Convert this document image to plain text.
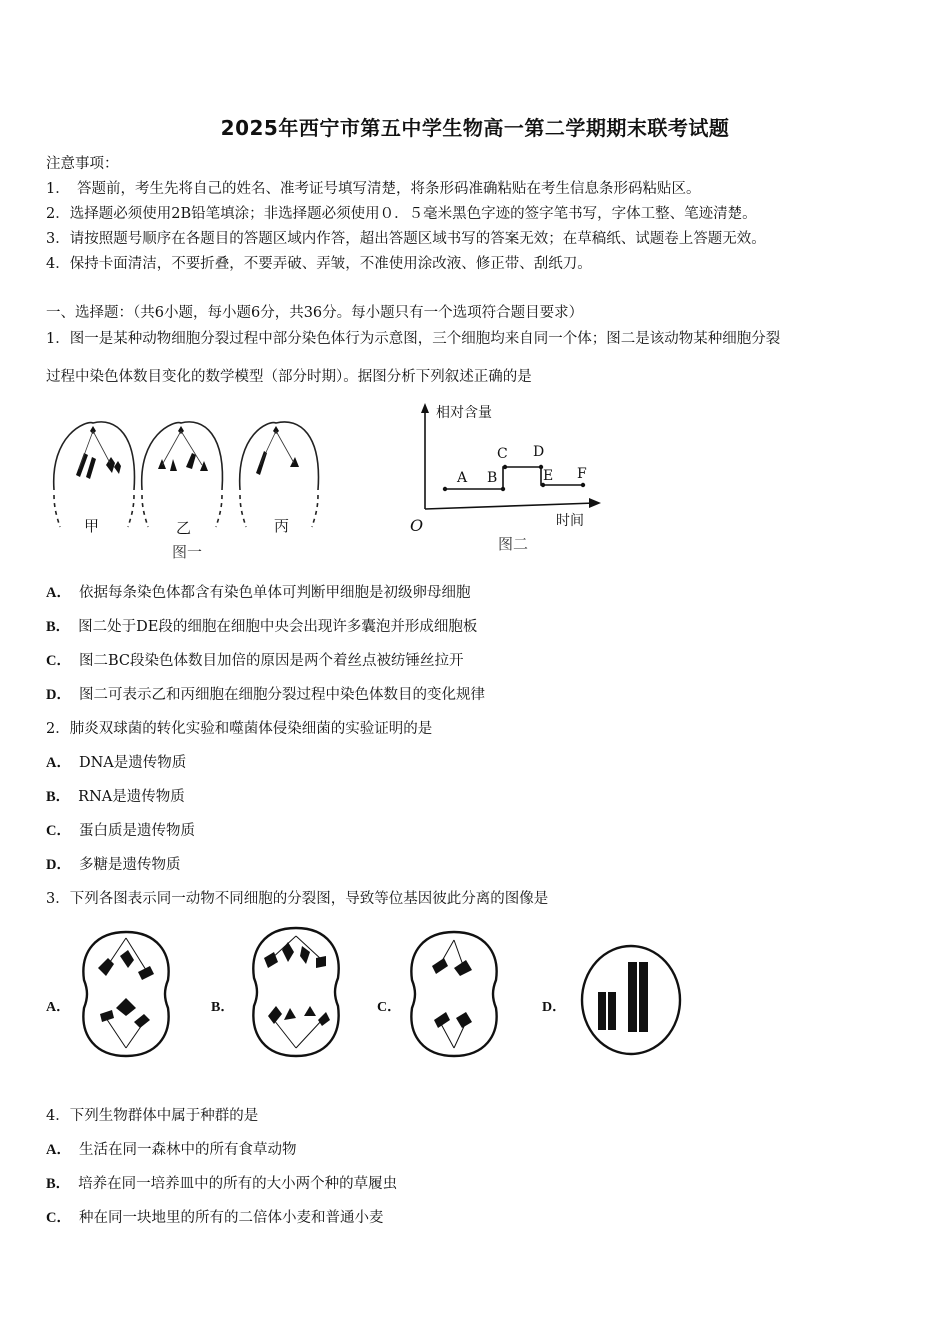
2025年西宁市第五中学生物高一第二学期期末联考试题
注意事项：
1．　答题前，考生先将自己的姓名、准考证号填写清楚，将条形码准确粘贴在考生信息条形码粘贴区。
2．选择题必须使用2B铅笔填涂；非选择题必须使用０．５毫米黑色字迹的签字笔书写，字体工整、笔迹清楚。
3．请按照题号顺序在各题目的答题区域内作答，超出答题区域书写的答案无效；在草稿纸、试题卷上答题无效。
4．保持卡面清洁，不要折叠，不要弄破、弄皱，不准使用涂改液、修正带、刮纸刀。
一、选择题：（共6小题，每小题6分，共36分。每小题只有一个选项符合题目要求）
1．图一是某种动物细胞分裂过程中部分染色体行为示意图，三个细胞均来自同一个体；图二是该动物某种细胞分裂
过程中染色体数目变化的数学模型（部分时期）。据图分析下列叙述正确的是
甲	乙	丙
图一
相对含量
时间
O
A B
C D
E F
图二
A． 依据每条染色体都含有染色单体可判断甲细胞是初级卵母细胞
B． 图二处于DE段的细胞在细胞中央会出现许多囊泡并形成细胞板
C． 图二BC段染色体数目加倍的原因是两个着丝点被纺锤丝拉开
D． 图二可表示乙和丙细胞在细胞分裂过程中染色体数目的变化规律
2．肺炎双球菌的转化实验和噬菌体侵染细菌的实验证明的是
A． DNA是遗传物质
B． RNA是遗传物质
C． 蛋白质是遗传物质
D． 多糖是遗传物质
3．下列各图表示同一动物不同细胞的分裂图，导致等位基因彼此分离的图像是
A．	B．	C．	D．
4．下列生物群体中属于种群的是
A． 生活在同一森林中的所有食草动物
B． 培养在同一培养皿中的所有的大小两个种的草履虫
C． 种在同一块地里的所有的二倍体小麦和普通小麦
